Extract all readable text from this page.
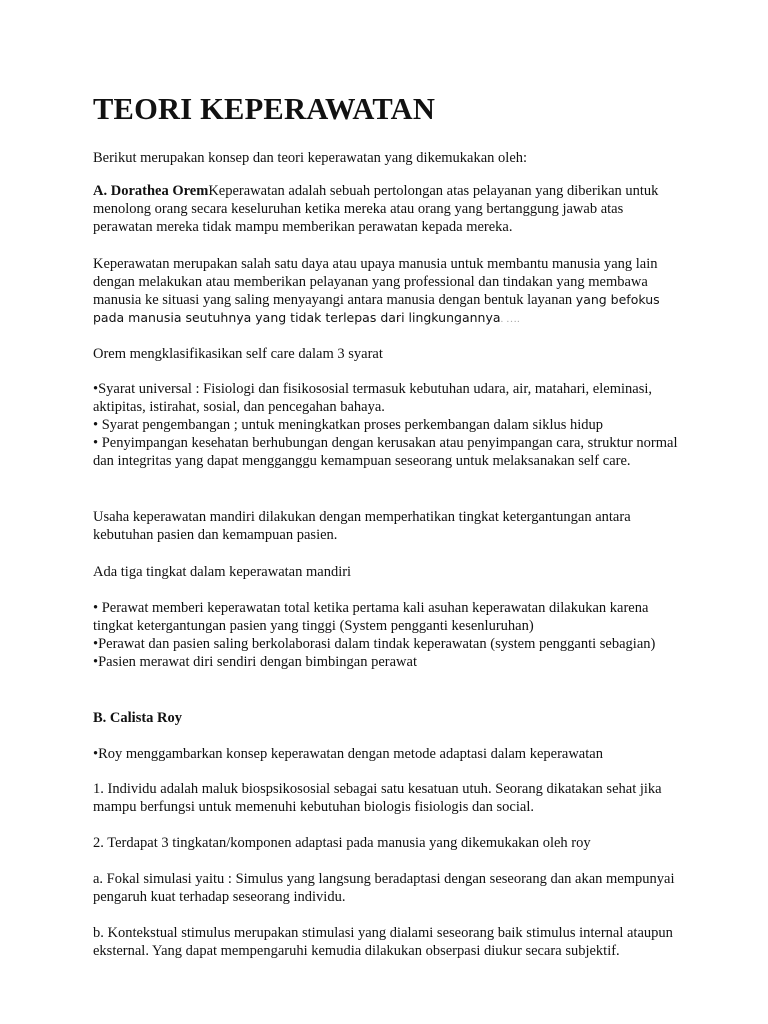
TEORI KEPERAWATAN

Berikut merupakan konsep dan teori keperawatan yang dikemukakan oleh:

A. Dorathea OremKeperawatan adalah sebuah pertolongan atas pelayanan yang diberikan untuk menolong orang secara keseluruhan ketika mereka atau orang yang bertanggung jawab atas perawatan mereka tidak mampu memberikan perawatan kepada mereka.

Keperawatan merupakan salah satu daya atau upaya manusia untuk membantu manusia yang lain dengan melakukan atau memberikan pelayanan yang professional dan tindakan yang membawa manusia ke situasi yang saling menyayangi antara manusia dengan bentuk layanan yang befokus pada manusia seutuhnya yang tidak terlepas dari lingkungannya. ….

Orem mengklasifikasikan self care dalam 3 syarat

•Syarat universal : Fisiologi dan fisikososial termasuk kebutuhan udara, air, matahari, eleminasi, aktipitas, istirahat, sosial, dan pencegahan bahaya.

• Syarat pengembangan ; untuk meningkatkan proses perkembangan dalam siklus hidup

• Penyimpangan kesehatan berhubungan dengan kerusakan atau penyimpangan cara, struktur normal dan integritas yang dapat mengganggu kemampuan seseorang untuk melaksanakan self care.

Usaha keperawatan mandiri dilakukan dengan memperhatikan tingkat ketergantungan antara kebutuhan pasien dan kemampuan pasien.

Ada tiga tingkat dalam keperawatan mandiri

• Perawat memberi keperawatan total ketika pertama kali asuhan keperawatan dilakukan karena tingkat ketergantungan pasien yang tinggi (System pengganti kesenluruhan)

•Perawat dan pasien saling berkolaborasi dalam tindak keperawatan (system pengganti sebagian)

•Pasien merawat diri sendiri dengan bimbingan perawat

B. Calista Roy

•Roy menggambarkan konsep keperawatan dengan metode adaptasi dalam keperawatan

1. Individu adalah maluk biospsikososial sebagai satu kesatuan utuh. Seorang dikatakan sehat jika mampu berfungsi untuk memenuhi kebutuhan biologis fisiologis dan social.

2. Terdapat 3 tingkatan/komponen adaptasi pada manusia yang dikemukakan oleh roy

a. Fokal simulasi yaitu : Simulus yang langsung beradaptasi dengan seseorang dan akan mempunyai pengaruh kuat terhadap seseorang individu.

b. Kontekstual stimulus merupakan stimulasi yang dialami seseorang baik stimulus internal ataupun eksternal. Yang dapat mempengaruhi kemudia dilakukan obserpasi diukur secara subjektif.
